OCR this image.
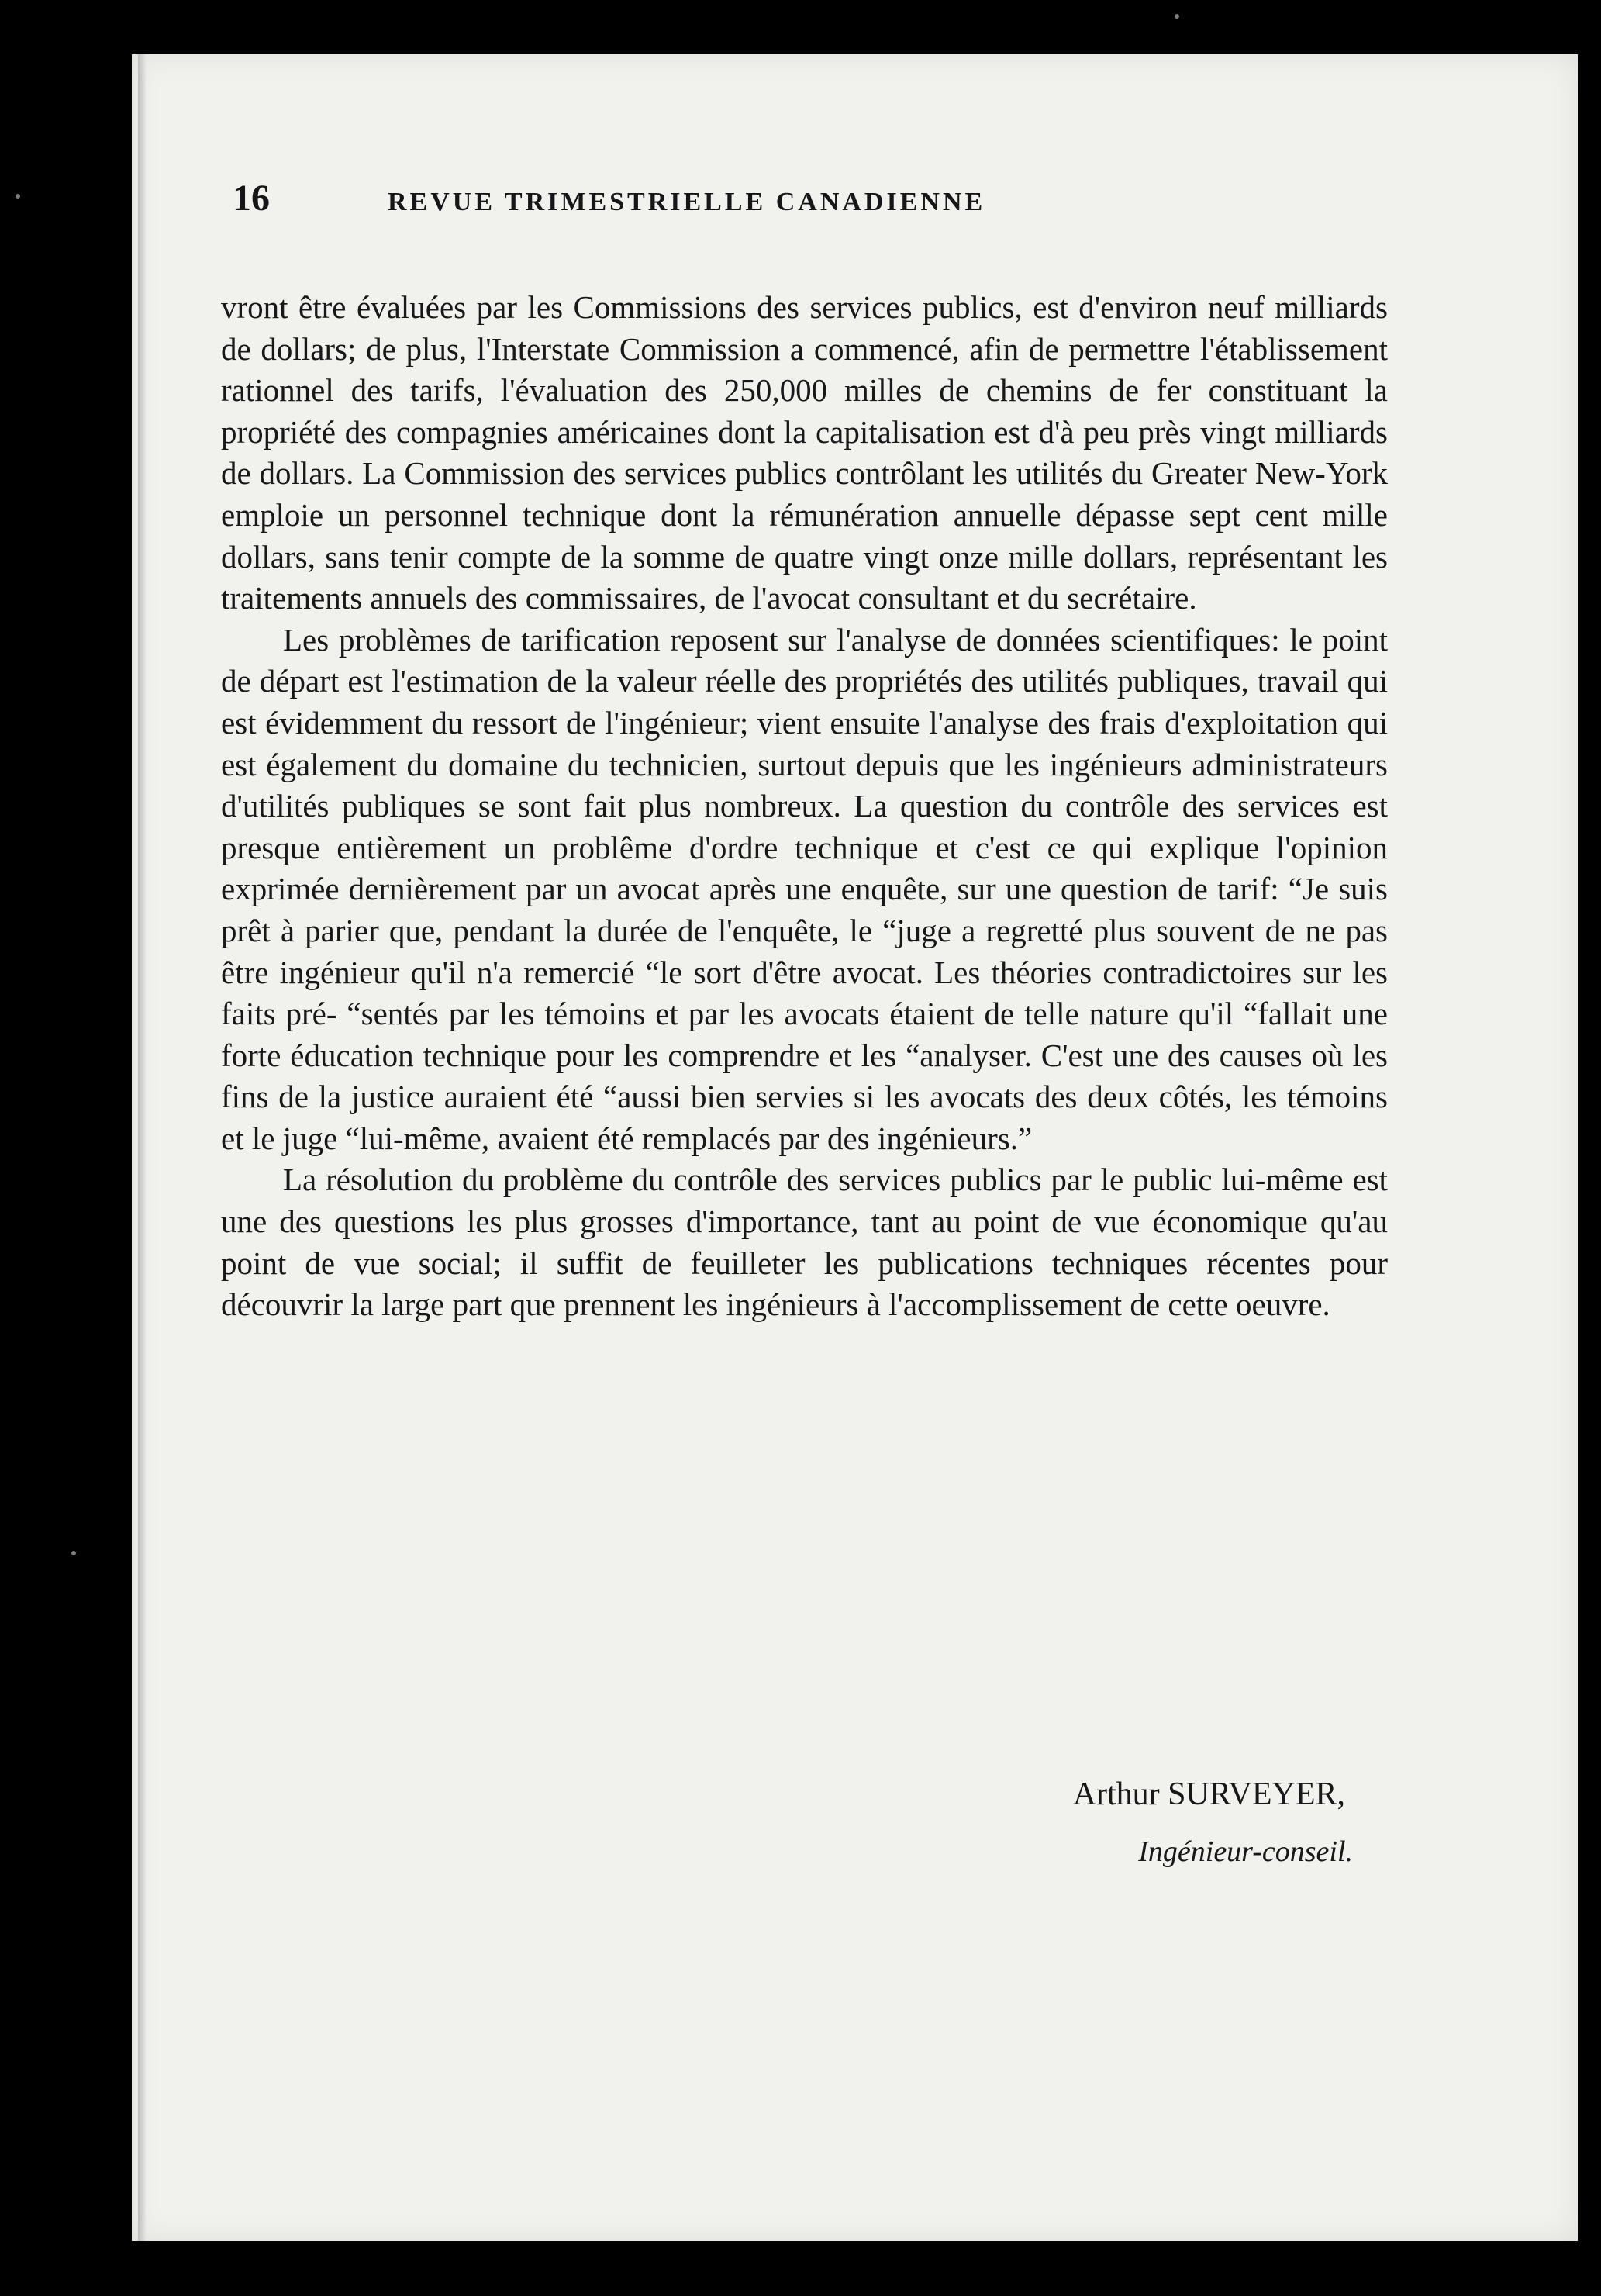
16	REVUE TRIMESTRIELLE CANADIENNE

vront être évaluées par les Commissions des services publics, est d'environ neuf milliards de dollars; de plus, l'Interstate Commission a commencé, afin de permettre l'établissement rationnel des tarifs, l'évaluation des 250,000 milles de chemins de fer constituant la propriété des compagnies américaines dont la capitalisation est d'à peu près vingt milliards de dollars. La Commission des services publics contrôlant les utilités du Greater New-York emploie un personnel technique dont la rémunération annuelle dépasse sept cent mille dollars, sans tenir compte de la somme de quatre vingt onze mille dollars, représentant les traitements annuels des commissaires, de l'avocat consultant et du secrétaire.

Les problèmes de tarification reposent sur l'analyse de données scientifiques: le point de départ est l'estimation de la valeur réelle des propriétés des utilités publiques, travail qui est évidemment du ressort de l'ingénieur; vient ensuite l'analyse des frais d'exploitation qui est également du domaine du technicien, surtout depuis que les ingénieurs administrateurs d'utilités publiques se sont fait plus nombreux. La question du contrôle des services est presque entièrement un problême d'ordre technique et c'est ce qui explique l'opinion exprimée dernièrement par un avocat après une enquête, sur une question de tarif: “Je suis prêt à parier que, pendant la durée de l'enquête, le “juge a regretté plus souvent de ne pas être ingénieur qu'il n'a remercié “le sort d'être avocat. Les théories contradictoires sur les faits pré- “sentés par les témoins et par les avocats étaient de telle nature qu'il “fallait une forte éducation technique pour les comprendre et les “analyser. C'est une des causes où les fins de la justice auraient été “aussi bien servies si les avocats des deux côtés, les témoins et le juge “lui-même, avaient été remplacés par des ingénieurs.”

La résolution du problème du contrôle des services publics par le public lui-même est une des questions les plus grosses d'importance, tant au point de vue économique qu'au point de vue social; il suffit de feuilleter les publications techniques récentes pour découvrir la large part que prennent les ingénieurs à l'accomplissement de cette oeuvre.

Arthur SURVEYER,
Ingénieur-conseil.
